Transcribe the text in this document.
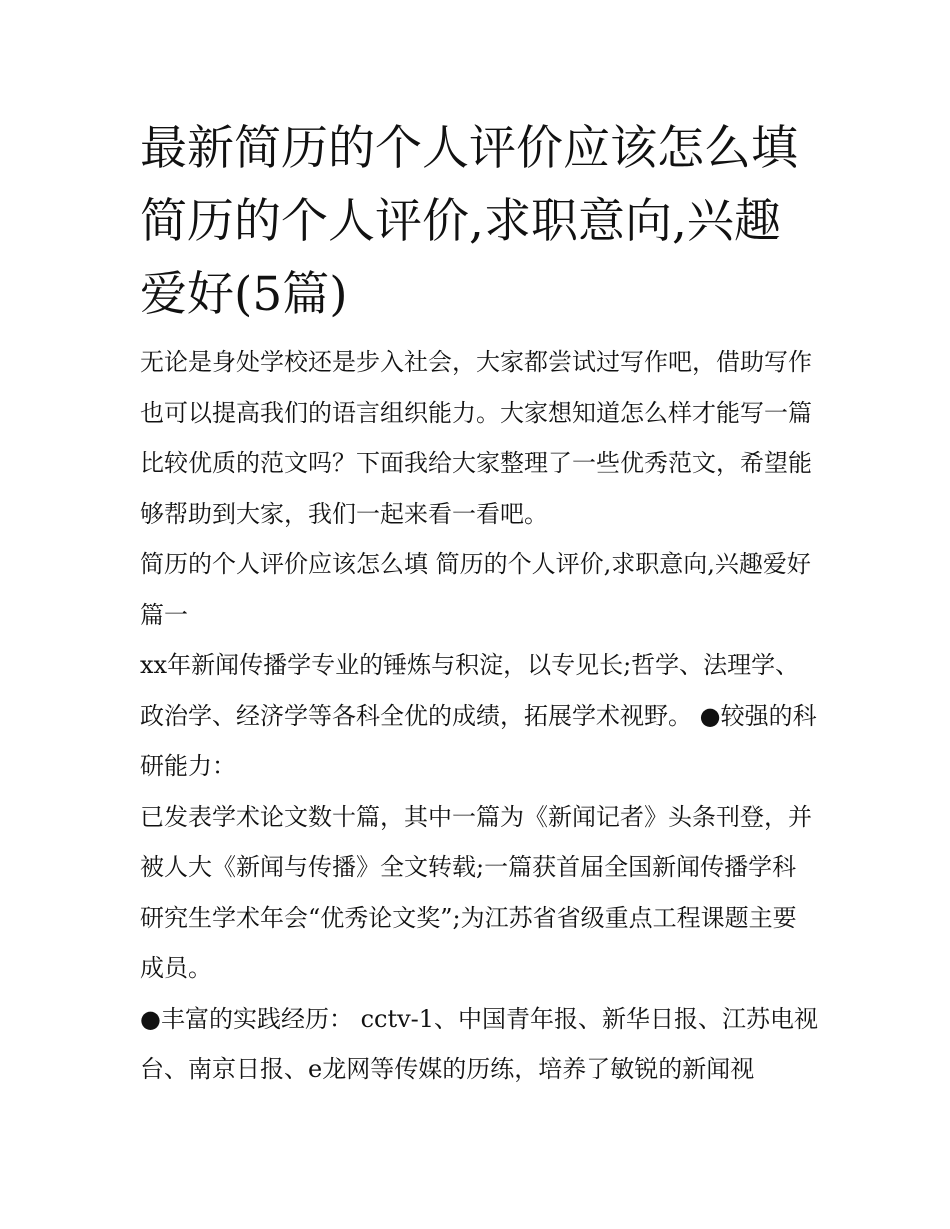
最新简历的个人评价应该怎么填 简历的个人评价,求职意向,兴趣爱好(5篇)

无论是身处学校还是步入社会，大家都尝试过写作吧，借助写作也可以提高我们的语言组织能力。大家想知道怎么样才能写一篇比较优质的范文吗？下面我给大家整理了一些优秀范文，希望能够帮助到大家，我们一起来看一看吧。

简历的个人评价应该怎么填 简历的个人评价,求职意向,兴趣爱好篇一

xx年新闻传播学专业的锤炼与积淀，以专见长;哲学、法理学、政治学、经济学等各科全优的成绩，拓展学术视野。 ●较强的科研能力：

已发表学术论文数十篇，其中一篇为《新闻记者》头条刊登，并被人大《新闻与传播》全文转载;一篇获首届全国新闻传播学科研究生学术年会“优秀论文奖”;为江苏省省级重点工程课题主要成员。

●丰富的实践经历： cctv-1、中国青年报、新华日报、江苏电视台、南京日报、e龙网等传媒的历练，培养了敏锐的新闻视
